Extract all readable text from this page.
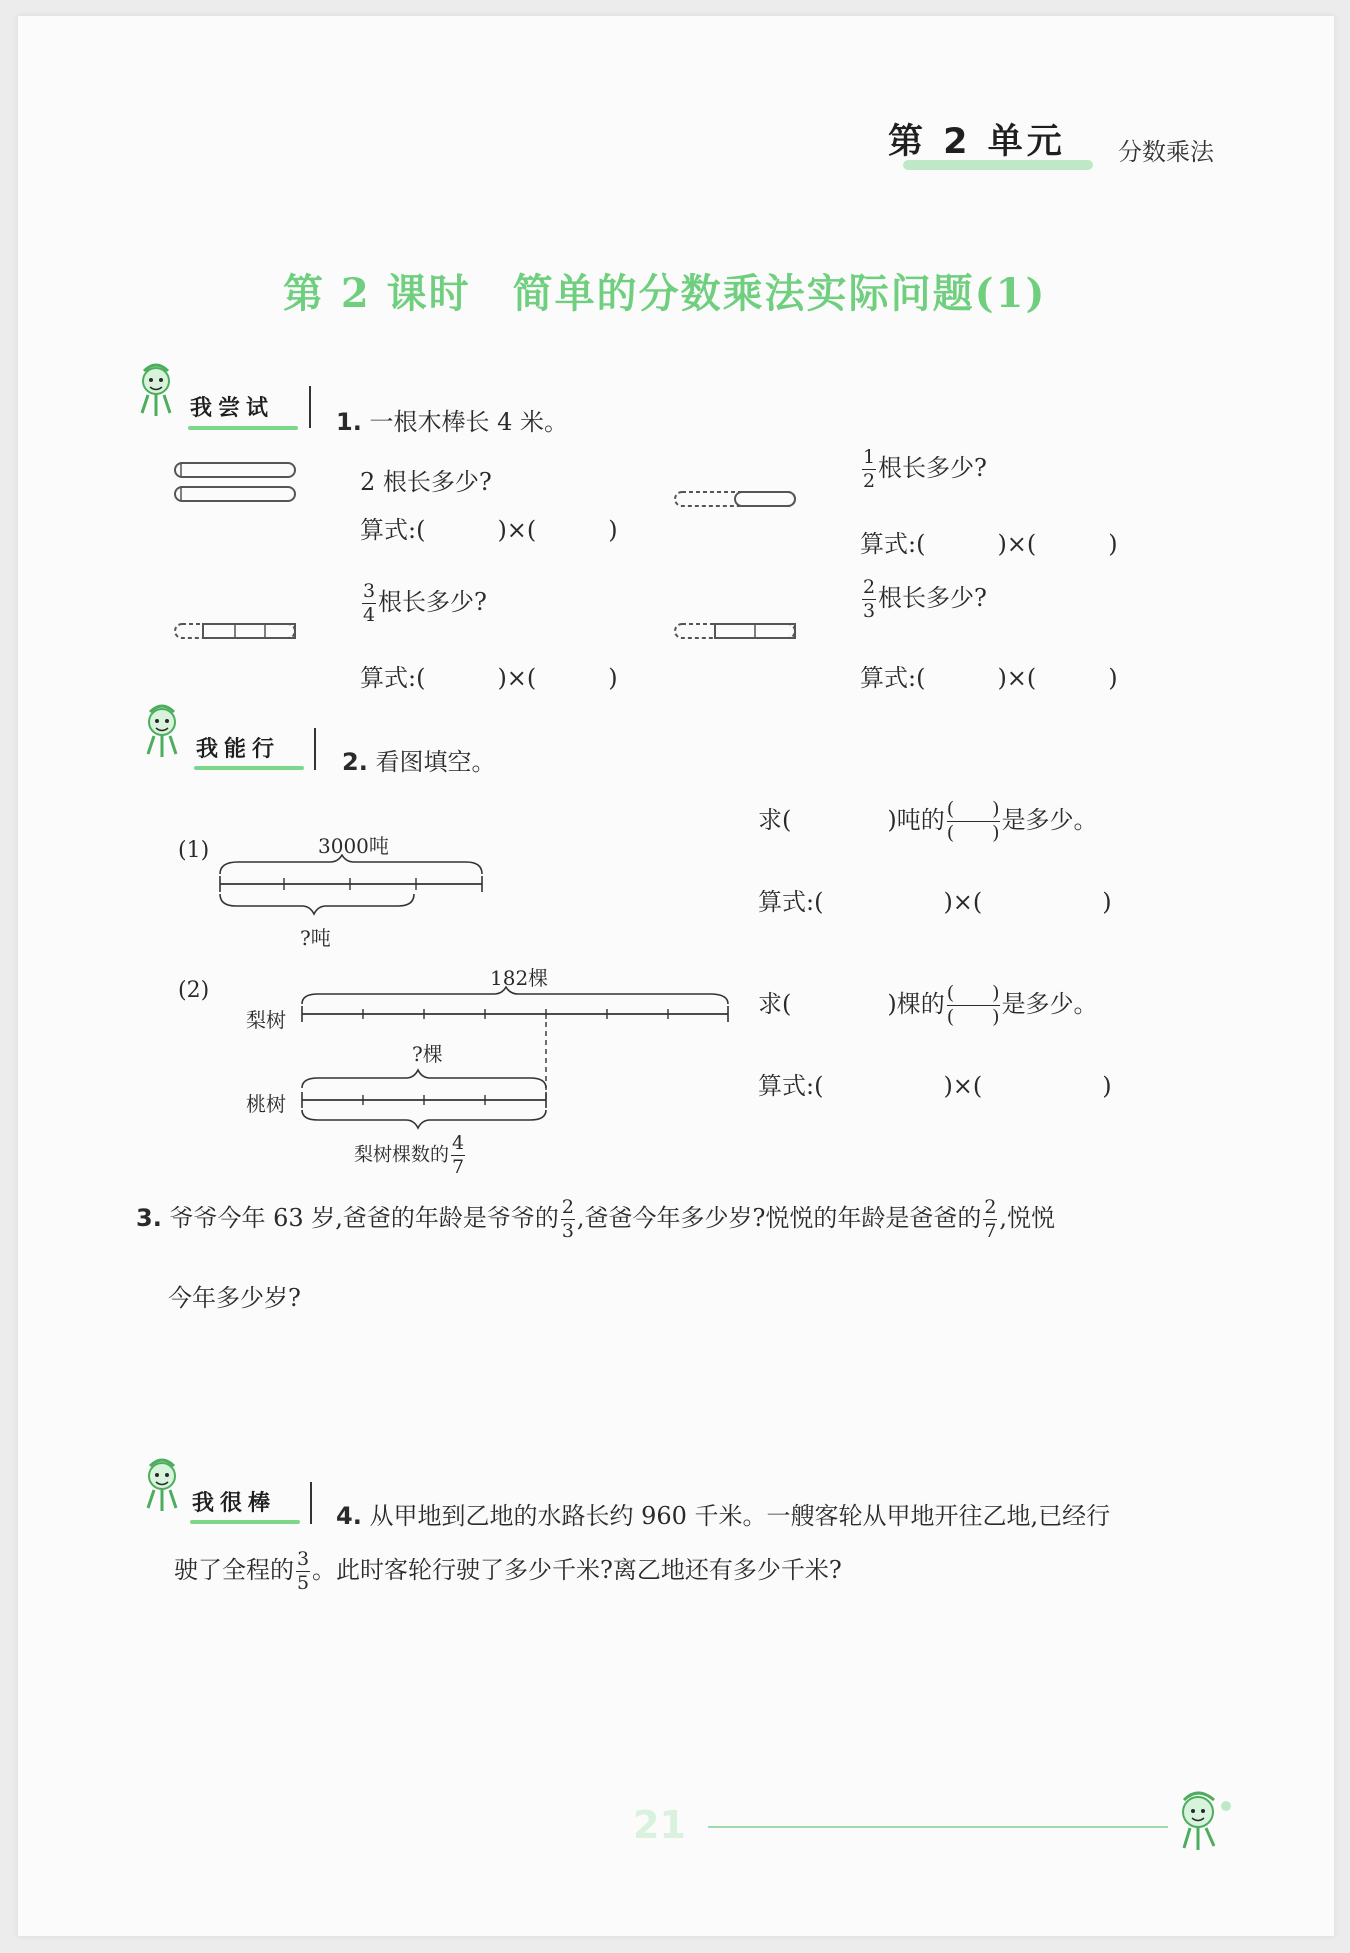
第 2 单元 分数乘法
第 2 课时　简单的分数乘法实际问题(1)
我尝试	1. 一根木棒长 4 米。
2 根长多少?
算式:(　　　)×(　　　)
$\frac{1}{2}$ 根长多少?
算式:(　　　)×(　　　)
$\frac{3}{4}$ 根长多少?
算式:(　　　)×(　　　)
$\frac{2}{3}$ 根长多少?
算式:(　　　)×(　　　)
我能行	2. 看图填空。
(1)	3000吨
?吨
求(　　　　)吨的 $\frac{( )}{( )}$ 是多少。
算式:(　　　　　)×(　　　　　)
(2)	182棵
梨树
?棵
桃树
梨树棵数的 $\frac{4}{7}$
求(　　　　)棵的 $\frac{( )}{( )}$ 是多少。
算式:(　　　　　)×(　　　　　)
3. 爷爷今年 63 岁,爸爸的年龄是爷爷的 $\frac{2}{3}$ ,爸爸今年多少岁?悦悦的年龄是爸爸的 $\frac{2}{7}$ ,悦悦
今年多少岁?
我很棒 4. 从甲地到乙地的水路长约 960 千米。一艘客轮从甲地开往乙地,已经行
驶了全程的 $\frac{3}{5}$ 。此时客轮行驶了多少千米?离乙地还有多少千米?
21
